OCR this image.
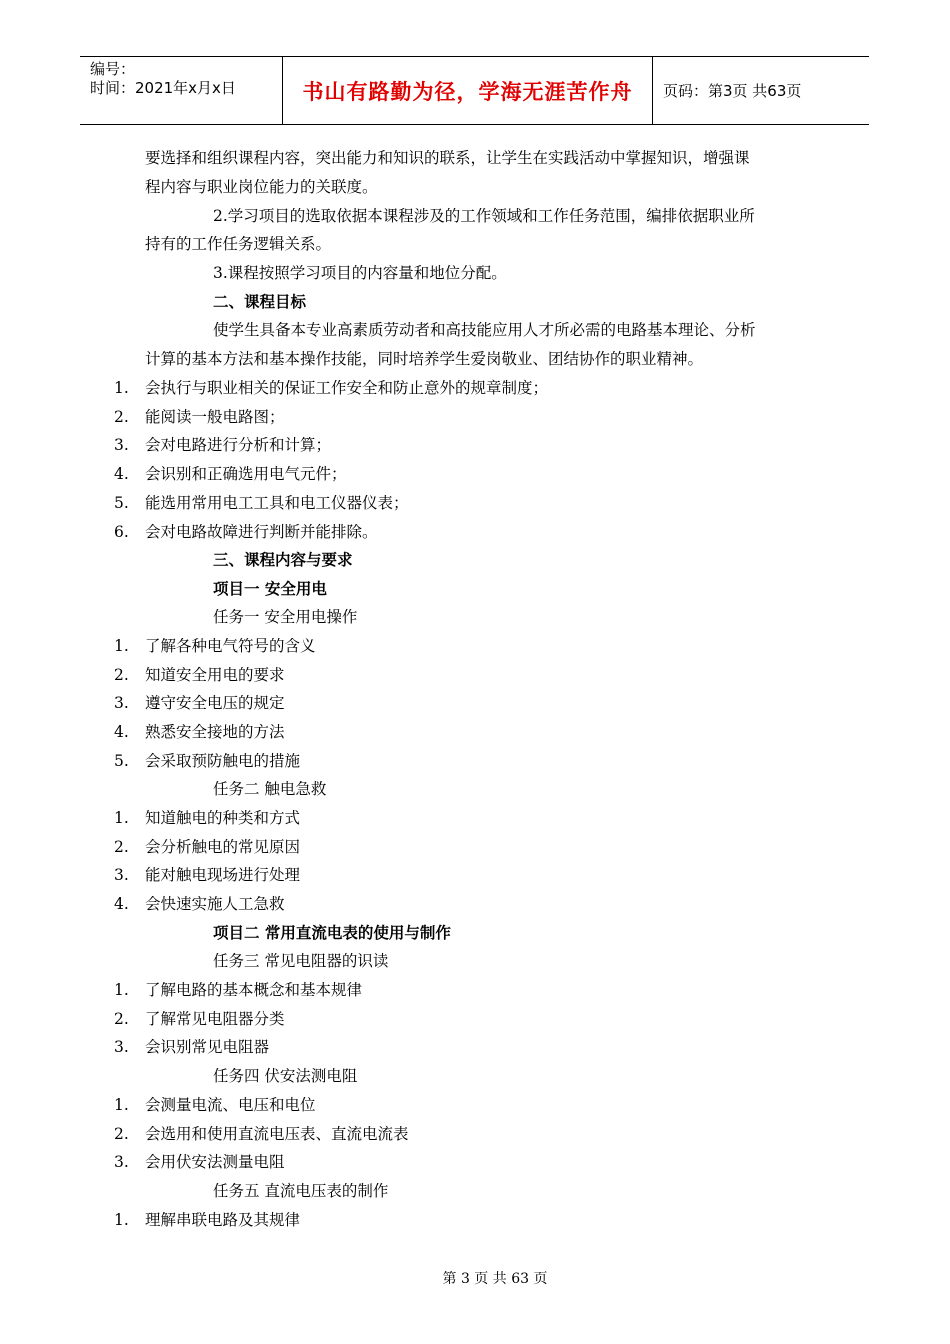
编号：
时间：2021年x月x日	书山有路勤为径，学海无涯苦作舟	页码：第3页 共63页
要选择和组织课程内容，突出能力和知识的联系，让学生在实践活动中掌握知识，增强课
程内容与职业岗位能力的关联度。
2.学习项目的选取依据本课程涉及的工作领域和工作任务范围，编排依据职业所
持有的工作任务逻辑关系。
3.课程按照学习项目的内容量和地位分配。
二、课程目标
使学生具备本专业高素质劳动者和高技能应用人才所必需的电路基本理论、分析
计算的基本方法和基本操作技能，同时培养学生爱岗敬业、团结协作的职业精神。
1. 会执行与职业相关的保证工作安全和防止意外的规章制度；
2. 能阅读一般电路图；
3. 会对电路进行分析和计算；
4. 会识别和正确选用电气元件；
5. 能选用常用电工工具和电工仪器仪表；
6. 会对电路故障进行判断并能排除。
三、课程内容与要求
项目一 安全用电
任务一 安全用电操作
1. 了解各种电气符号的含义
2. 知道安全用电的要求
3. 遵守安全电压的规定
4. 熟悉安全接地的方法
5. 会采取预防触电的措施
任务二 触电急救
1. 知道触电的种类和方式
2. 会分析触电的常见原因
3. 能对触电现场进行处理
4. 会快速实施人工急救
项目二 常用直流电表的使用与制作
任务三 常见电阻器的识读
1. 了解电路的基本概念和基本规律
2. 了解常见电阻器分类
3. 会识别常见电阻器
任务四 伏安法测电阻
1. 会测量电流、电压和电位
2. 会选用和使用直流电压表、直流电流表
3. 会用伏安法测量电阻
任务五 直流电压表的制作
1. 理解串联电路及其规律
第 3 页 共 63 页
